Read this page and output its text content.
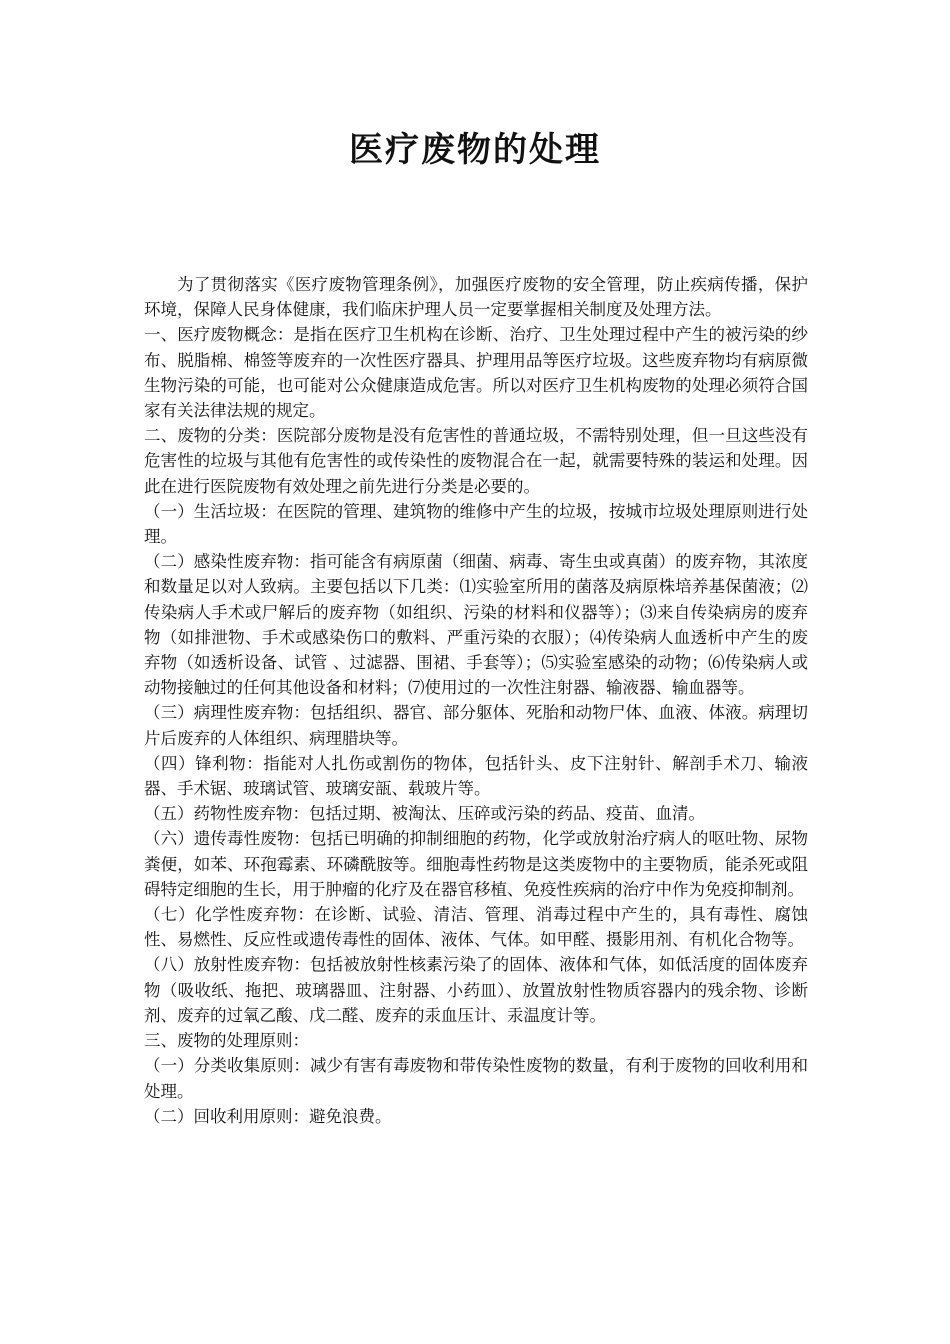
医疗废物的处理

为了贯彻落实《医疗废物管理条例》，加强医疗废物的安全管理，防止疾病传播，保护环境，保障人民身体健康，我们临床护理人员一定要掌握相关制度及处理方法。

一、医疗废物概念：是指在医疗卫生机构在诊断、治疗、卫生处理过程中产生的被污染的纱布、脱脂棉、棉签等废弃的一次性医疗器具、护理用品等医疗垃圾。这些废弃物均有病原微生物污染的可能，也可能对公众健康造成危害。所以对医疗卫生机构废物的处理必须符合国家有关法律法规的规定。

二、废物的分类：医院部分废物是没有危害性的普通垃圾，不需特别处理，但一旦这些没有危害性的垃圾与其他有危害性的或传染性的废物混合在一起，就需要特殊的装运和处理。因此在进行医院废物有效处理之前先进行分类是必要的。

（一）生活垃圾：在医院的管理、建筑物的维修中产生的垃圾，按城市垃圾处理原则进行处理。

（二）感染性废弃物：指可能含有病原菌（细菌、病毒、寄生虫或真菌）的废弃物，其浓度和数量足以对人致病。主要包括以下几类：⑴实验室所用的菌落及病原株培养基保菌液；⑵传染病人手术或尸解后的废弃物（如组织、污染的材料和仪器等）；⑶来自传染病房的废弃物（如排泄物、手术或感染伤口的敷料、严重污染的衣服）；⑷传染病人血透析中产生的废弃物（如透析设备、试管 、过滤器、围裙、手套等）；⑸实验室感染的动物；⑹传染病人或动物接触过的任何其他设备和材料；⑺使用过的一次性注射器、输液器、输血器等。

（三）病理性废弃物：包括组织、器官、部分躯体、死胎和动物尸体、血液、体液。病理切片后废弃的人体组织、病理腊块等。

（四）锋利物：指能对人扎伤或割伤的物体，包括针头、皮下注射针、解剖手术刀、输液器、手术锯、玻璃试管、玻璃安瓿、载玻片等。

（五）药物性废弃物：包括过期、被淘汰、压碎或污染的药品、疫苗、血清。

（六）遗传毒性废物：包括已明确的抑制细胞的药物，化学或放射治疗病人的呕吐物、尿物粪便，如苯、环孢霉素、环磷酰胺等。细胞毒性药物是这类废物中的主要物质，能杀死或阻碍特定细胞的生长，用于肿瘤的化疗及在器官移植、免疫性疾病的治疗中作为免疫抑制剂。

（七）化学性废弃物：在诊断、试验、清洁、管理、消毒过程中产生的，具有毒性、腐蚀性、易燃性、反应性或遗传毒性的固体、液体、气体。如甲醛、摄影用剂、有机化合物等。

（八）放射性废弃物：包括被放射性核素污染了的固体、液体和气体，如低活度的固体废弃物（吸收纸、拖把、玻璃器皿、注射器、小药皿）、放置放射性物质容器内的残余物、诊断剂、废弃的过氧乙酸、戊二醛、废弃的汞血压计、汞温度计等。

三、废物的处理原则：

（一）分类收集原则：减少有害有毒废物和带传染性废物的数量，有利于废物的回收利用和处理。

（二）回收利用原则：避免浪费。
